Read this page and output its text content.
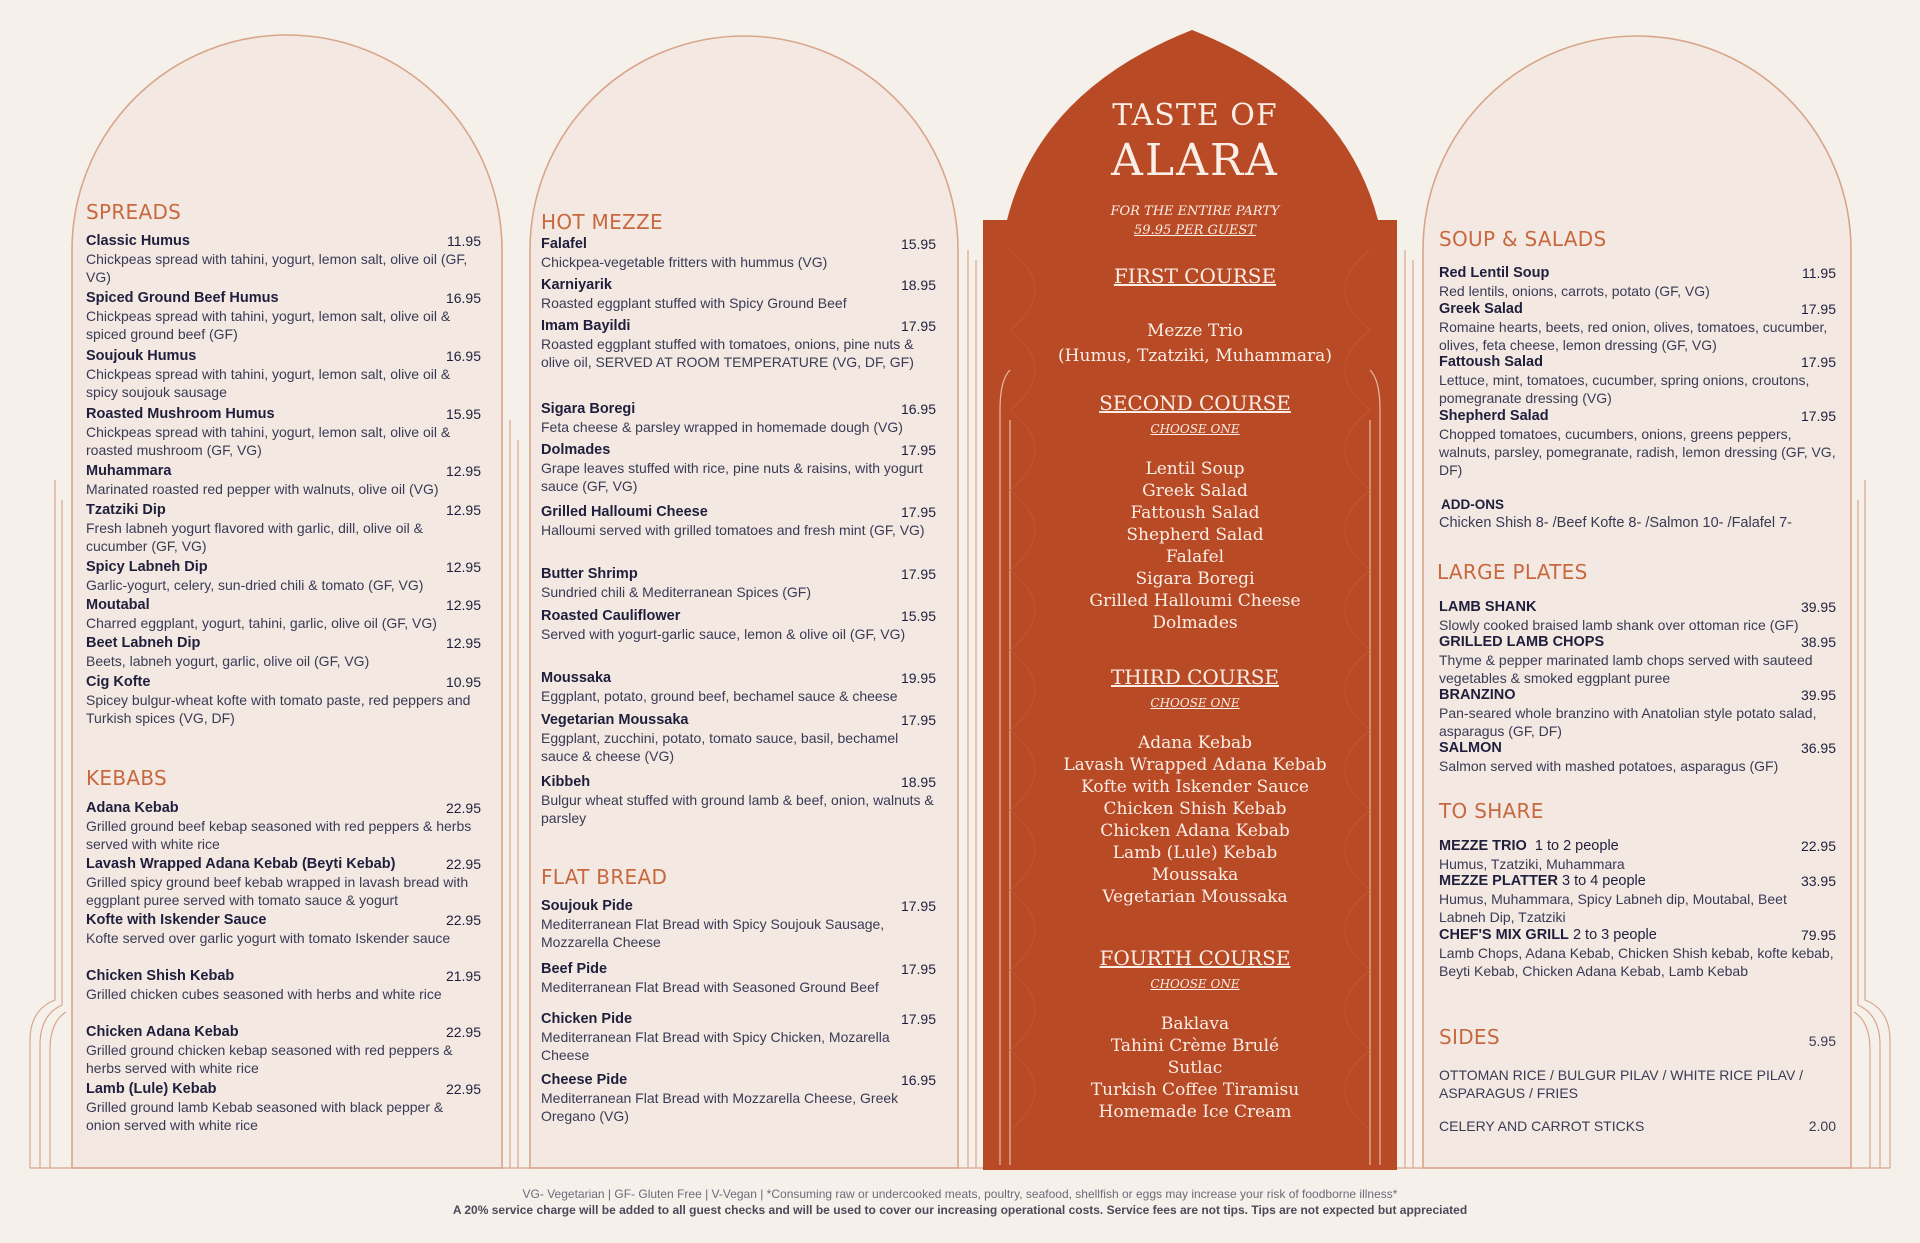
SPREADS
Classic Humus	11.95
Chickpeas spread with tahini, yogurt, lemon salt, olive oil (GF, VG)
Spiced Ground Beef Humus	16.95
Chickpeas spread with tahini, yogurt, lemon salt, olive oil & spiced ground beef (GF)
Soujouk Humus	16.95
Chickpeas spread with tahini, yogurt, lemon salt, olive oil & spicy soujouk sausage
Roasted Mushroom Humus	15.95
Chickpeas spread with tahini, yogurt, lemon salt, olive oil & roasted mushroom (GF, VG)
Muhammara	12.95
Marinated roasted red pepper with walnuts, olive oil (VG)
Tzatziki Dip	12.95
Fresh labneh yogurt flavored with garlic, dill, olive oil & cucumber (GF, VG)
Spicy Labneh Dip	12.95
Garlic-yogurt, celery, sun-dried chili & tomato (GF, VG)
Moutabal	12.95
Charred eggplant, yogurt, tahini, garlic, olive oil (GF, VG)
Beet Labneh Dip	12.95
Beets, labneh yogurt, garlic, olive oil (GF, VG)
Cig Kofte	10.95
Spicey bulgur-wheat kofte with tomato paste, red peppers and Turkish spices (VG, DF)
KEBABS
Adana Kebab	22.95
Grilled ground beef kebap seasoned with red peppers & herbs served with white rice
Lavash Wrapped Adana Kebab (Beyti Kebab)	22.95
Grilled spicy ground beef kebab wrapped in lavash bread with eggplant puree served with tomato sauce & yogurt
Kofte with Iskender Sauce	22.95
Kofte served over garlic yogurt with tomato Iskender sauce
Chicken Shish Kebab	21.95
Grilled chicken cubes seasoned with herbs and white rice
Chicken Adana Kebab	22.95
Grilled ground chicken kebap seasoned with red peppers & herbs served with white rice
Lamb (Lule) Kebab	22.95
Grilled ground lamb Kebab seasoned with black pepper & onion served with white rice
HOT MEZZE
Falafel	15.95
Chickpea-vegetable fritters with hummus (VG)
Karniyarik	18.95
Roasted eggplant stuffed with Spicy Ground Beef
Imam Bayildi	17.95
Roasted eggplant stuffed with tomatoes, onions, pine nuts & olive oil, SERVED AT ROOM TEMPERATURE (VG, DF, GF)
Sigara Boregi	16.95
Feta cheese & parsley wrapped in homemade dough (VG)
Dolmades	17.95
Grape leaves stuffed with rice, pine nuts & raisins, with yogurt sauce (GF, VG)
Grilled Halloumi Cheese	17.95
Halloumi served with grilled tomatoes and fresh mint (GF, VG)
Butter Shrimp	17.95
Sundried chili & Mediterranean Spices (GF)
Roasted Cauliflower	15.95
Served with yogurt-garlic sauce, lemon & olive oil (GF, VG)
Moussaka	19.95
Eggplant, potato, ground beef, bechamel sauce & cheese
Vegetarian Moussaka	17.95
Eggplant, zucchini, potato, tomato sauce, basil, bechamel sauce & cheese (VG)
Kibbeh	18.95
Bulgur wheat stuffed with ground lamb & beef, onion, walnuts & parsley
FLAT BREAD
Soujouk Pide	17.95
Mediterranean Flat Bread with Spicy Soujouk Sausage, Mozzarella Cheese
Beef Pide	17.95
Mediterranean Flat Bread with Seasoned Ground Beef
Chicken Pide	17.95
Mediterranean Flat Bread with Spicy Chicken, Mozarella Cheese
Cheese Pide	16.95
Mediterranean Flat Bread with Mozzarella Cheese, Greek Oregano (VG)
TASTE OF
ALARA
FOR THE ENTIRE PARTY
59.95 PER GUEST
FIRST COURSE
Mezze Trio
(Humus, Tzatziki, Muhammara)
SECOND COURSE
CHOOSE ONE
Lentil Soup
Greek Salad
Fattoush Salad
Shepherd Salad
Falafel
Sigara Boregi
Grilled Halloumi Cheese
Dolmades
THIRD COURSE
CHOOSE ONE
Adana Kebab
Lavash Wrapped Adana Kebab
Kofte with Iskender Sauce
Chicken Shish Kebab
Chicken Adana Kebab
Lamb (Lule) Kebab
Moussaka
Vegetarian Moussaka
FOURTH COURSE
CHOOSE ONE
Baklava
Tahini Crème Brulé
Sutlac
Turkish Coffee Tiramisu
Homemade Ice Cream
SOUP & SALADS
Red Lentil Soup	11.95
Red lentils, onions, carrots, potato (GF, VG)
Greek Salad	17.95
Romaine hearts, beets, red onion, olives, tomatoes, cucumber, olives, feta cheese, lemon dressing (GF, VG)
Fattoush Salad	17.95
Lettuce, mint, tomatoes, cucumber, spring onions, croutons, pomegranate dressing (VG)
Shepherd Salad	17.95
Chopped tomatoes, cucumbers, onions, greens peppers, walnuts, parsley, pomegranate, radish, lemon dressing (GF, VG, DF)
ADD-ONS
Chicken Shish 8- /Beef Kofte 8- /Salmon 10- /Falafel 7-
LARGE PLATES
LAMB SHANK	39.95
Slowly cooked braised lamb shank over ottoman rice (GF)
GRILLED LAMB CHOPS	38.95
Thyme & pepper marinated lamb chops served with sauteed vegetables & smoked eggplant puree
BRANZINO	39.95
Pan-seared whole branzino with Anatolian style potato salad, asparagus (GF, DF)
SALMON	36.95
Salmon served with mashed potatoes, asparagus (GF)
TO SHARE
MEZZE TRIO 1 to 2 people	22.95
Humus, Tzatziki, Muhammara
MEZZE PLATTER 3 to 4 people	33.95
Humus, Muhammara, Spicy Labneh dip, Moutabal, Beet Labneh Dip, Tzatziki
CHEF'S MIX GRILL 2 to 3 people	79.95
Lamb Chops, Adana Kebab, Chicken Shish kebab, kofte kebab, Beyti Kebab, Chicken Adana Kebab, Lamb Kebab
SIDES	5.95
OTTOMAN RICE / BULGUR PILAV / WHITE RICE PILAV / ASPARAGUS / FRIES
CELERY AND CARROT STICKS	2.00
VG- Vegetarian | GF- Gluten Free | V-Vegan | *Consuming raw or undercooked meats, poultry, seafood, shellfish or eggs may increase your risk of foodborne illness*
A 20% service charge will be added to all guest checks and will be used to cover our increasing operational costs. Service fees are not tips. Tips are not expected but appreciated
